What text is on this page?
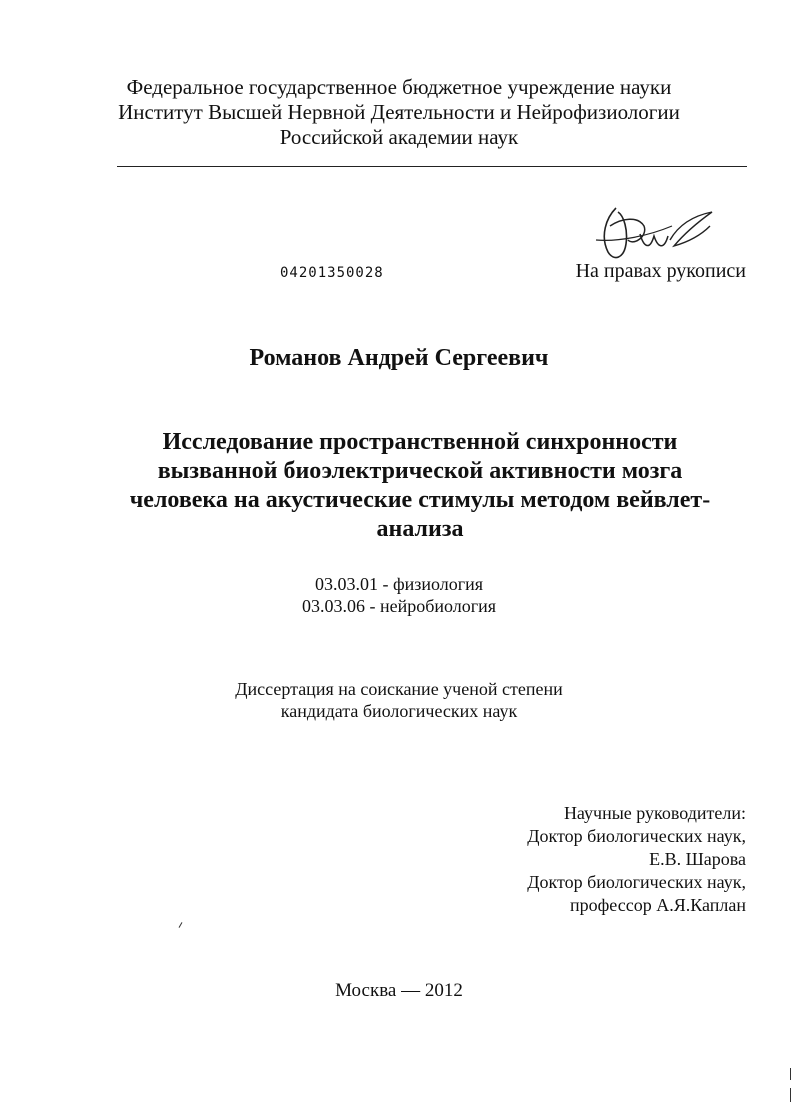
Федеральное государственное бюджетное учреждение науки

Институт Высшей Нервной Деятельности и Нейрофизиологии

Российской академии наук

04201350028	На правах рукописи
Романов Андрей Сергеевич
Исследование пространственной синхронности
вызванной биоэлектрической активности мозга
человека на акустические стимулы методом вейвлет-
анализа
03.03.01 - физиология
03.03.06 - нейробиология
Диссертация на соискание ученой степени
кандидата биологических наук
Научные руководители:
Доктор биологических наук,
Е.В. Шарова
Доктор биологических наук,
профессор А.Я.Каплан
Москва — 2012
